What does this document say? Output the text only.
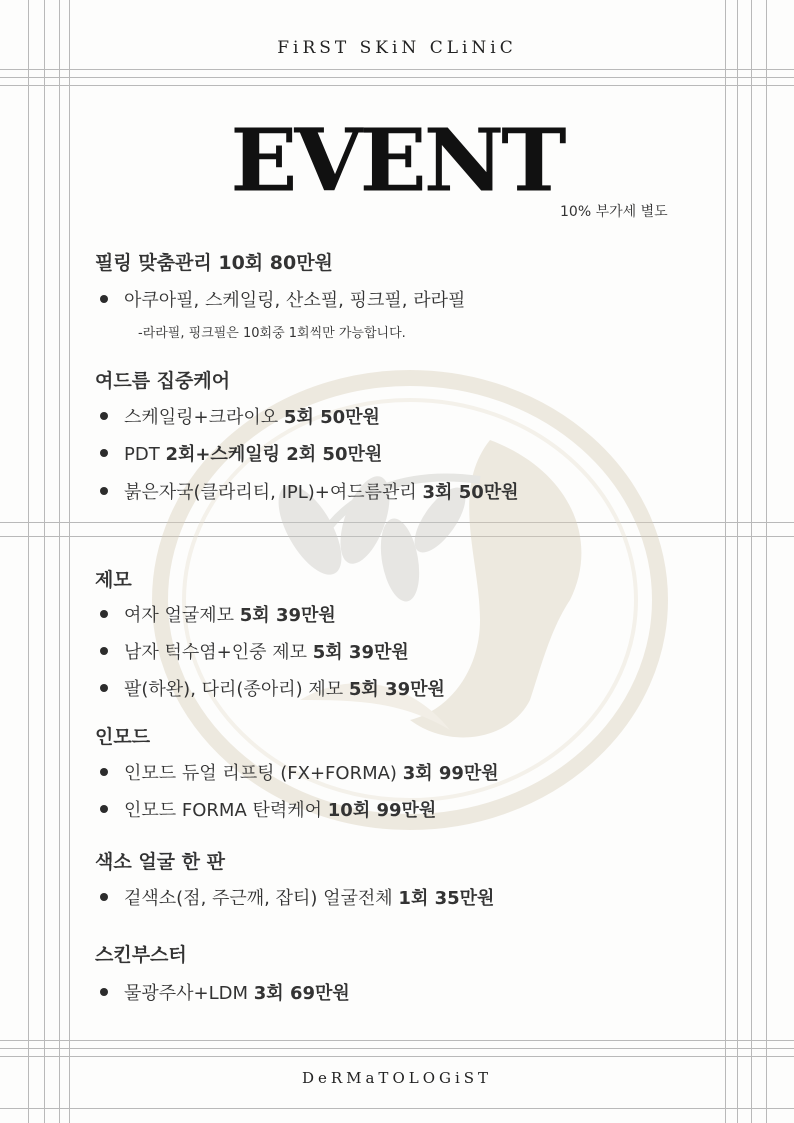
FiRST SKiN CLiNiC
EVENT
10% 부가세 별도
필링 맞춤관리 10회 80만원
아쿠아필, 스케일링, 산소필, 핑크필, 라라필
-라라필, 핑크필은 10회중 1회씩만 가능합니다.
여드름 집중케어
스케일링+크라이오 5회 50만원
PDT 2회+스케일링 2회 50만원
붉은자국(클라리티, IPL)+여드름관리 3회 50만원
제모
여자 얼굴제모 5회 39만원
남자 턱수염+인중 제모 5회 39만원
팔(하완), 다리(종아리) 제모 5회 39만원
인모드
인모드 듀얼 리프팅 (FX+FORMA) 3회 99만원
인모드 FORMA 탄력케어 10회 99만원
색소 얼굴 한 판
겉색소(점, 주근깨, 잡티) 얼굴전체 1회 35만원
스킨부스터
물광주사+LDM 3회 69만원
DeRMaTOLOGiST
